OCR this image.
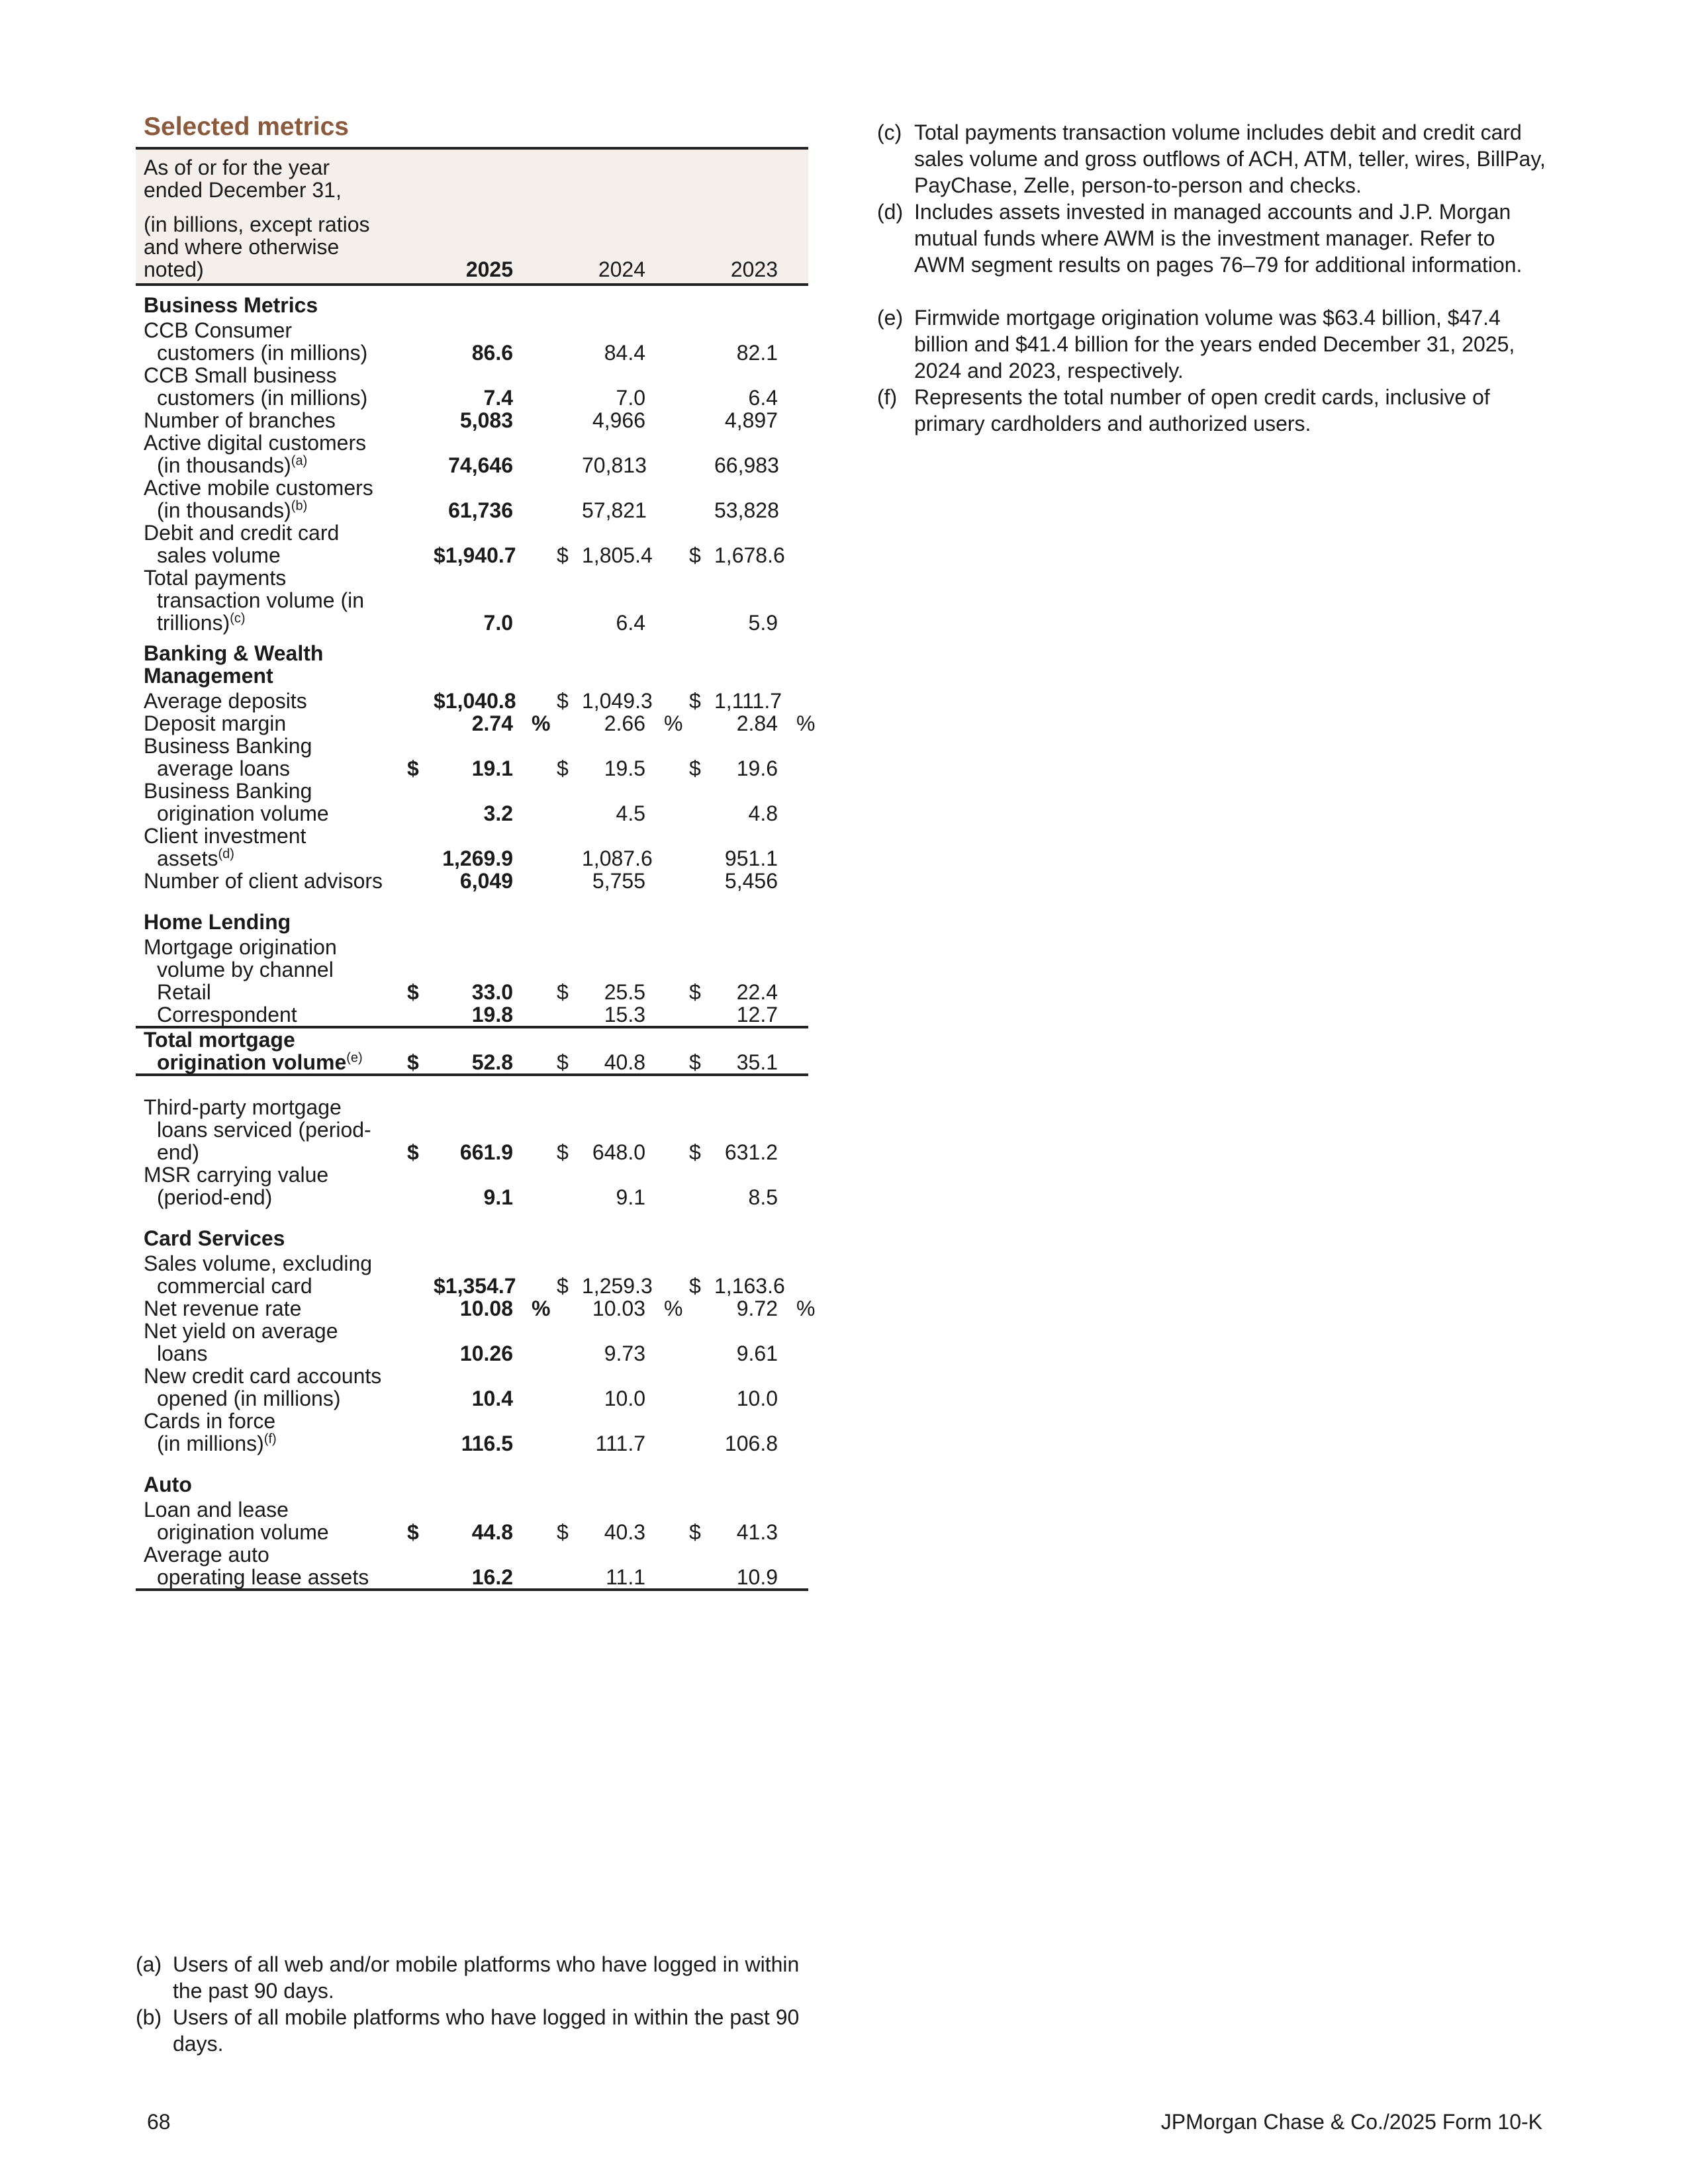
Selected metrics
As of or for the year ended December 31,
(in billions, except ratios and where otherwise noted)		2025			2024			2023	
Business Metrics									

CCB Consumer
customers (in millions)		86.6			84.4			82.1	

CCB Small business
customers (in millions)		7.4			7.0			6.4	
Number of branches		5,083			4,966			4,897	

Active digital customers
(in thousands)$^{(a)}$		74,646			70,813			66,983	

Active mobile customers
(in thousands)$^{(b)}$		61,736			57,821			53,828	

Debit and credit card
sales volume		$1,940.7		$	1,805.4		$	1,678.6	

Total payments
transaction volume (intrillions)$^{(c)}$		7.0			6.4			5.9	

Banking & Wealth Management									

Average deposits		$1,040.8		$	1,049.3		$	1,111.7	
Deposit margin		2.74	%		2.66	%		2.84	%

Business Banking
average loans	$	19.1		$	19.5		$	19.6	

Business Banking
origination volume		3.2			4.5			4.8	

Client investment
assets$^{(d)}$		1,269.9			1,087.6			951.1	
Number of client advisors		6,049			5,755			5,456	
Home Lending									

Mortgage origination
volume by channel									
Retail	$	33.0		$	25.5		$	22.4	
Correspondent		19.8			15.3			12.7	

Total mortgage
origination volume$^{(e)}$	$	52.8		$	40.8		$	35.1	

Third-party mortgage
loans serviced (period-end)	$	661.9		$	648.0		$	631.2	

MSR carrying value
(period-end)		9.1			9.1			8.5	
Card Services									

Sales volume, excluding
commercial card		$1,354.7		$	1,259.3		$	1,163.6	
Net revenue rate		10.08	%		10.03	%		9.72	%

Net yield on average
loans		10.26			9.73			9.61	

New credit card accounts
opened (in millions)		10.4			10.0			10.0	

Cards in force
(in millions)$^{(f)}$		116.5			111.7			106.8	
Auto									

Loan and lease
origination volume	$	44.8		$	40.3		$	41.3	

Average auto
operating lease assets		16.2			11.1			10.9	
(a) Users of all web and/or mobile platforms who have logged in within the past 90 days.
(b) Users of all mobile platforms who have logged in within the past 90 days.
(c) Total payments transaction volume includes debit and credit card sales volume and gross outflows of ACH, ATM, teller, wires, BillPay, PayChase, Zelle, person-to-person and checks.
(d) Includes assets invested in managed accounts and J.P. Morgan mutual funds where AWM is the investment manager. Refer to AWM segment results on pages 76–79 for additional information.
(e) Firmwide mortgage origination volume was $63.4 billion, $47.4 billion and $41.4 billion for the years ended December 31, 2025, 2024 and 2023, respectively.
(f) Represents the total number of open credit cards, inclusive of primary cardholders and authorized users.
68	JPMorgan Chase & Co./2025 Form 10-K
